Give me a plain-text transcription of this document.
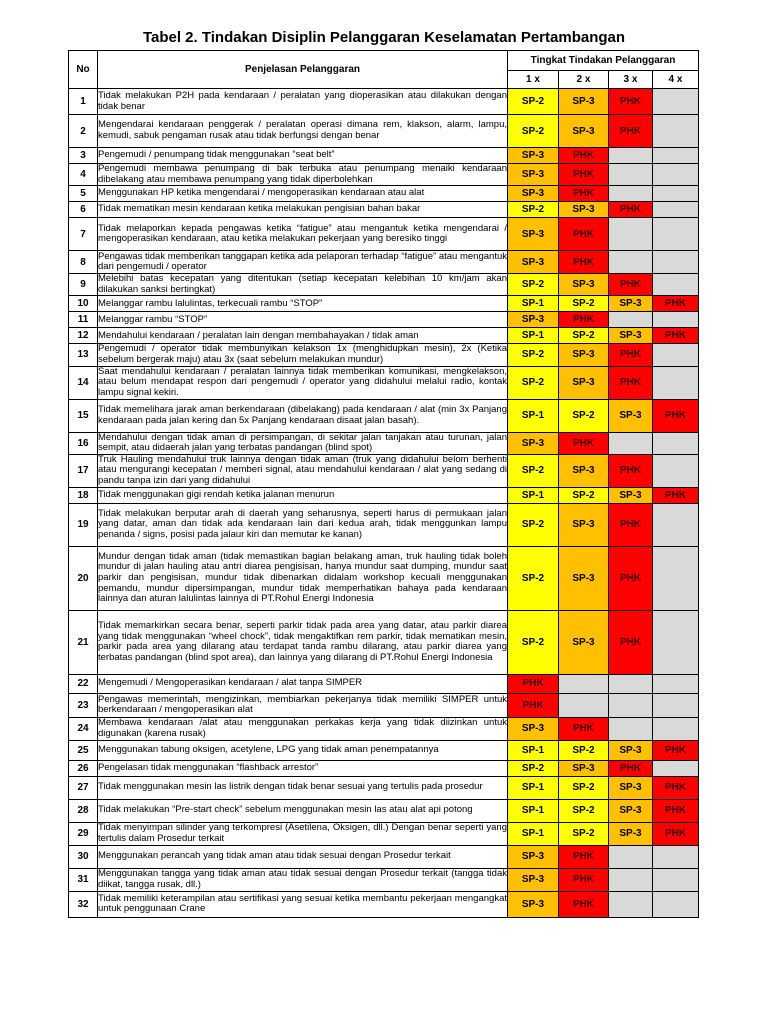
Tabel 2. Tindakan Disiplin Pelanggaran Keselamatan Pertambangan
No	Penjelasan Pelanggaran	Tingkat Tindakan Pelanggaran			
		1 x	2 x	3 x	4 x
1	Tidak melakukan P2H pada kendaraan / peralatan yang dioperasikan atau dilakukan dengan tidak benar	SP-2	SP-3	PHK	
2	Mengendarai kendaraan penggerak / peralatan operasi dimana rem, klakson, alarm, lampu, kemudi, sabuk pengaman rusak atau tidak berfungsi dengan benar	SP-2	SP-3	PHK	
3	Pengemudi / penumpang tidak menggunakan “seat belt”	SP-3	PHK		
4	Pengemudi membawa penumpang di bak terbuka atau penumpang menaiki kendaraan dibelakang atau membawa penumpang yang tidak diperbolehkan	SP-3	PHK		
5	Menggunakan HP ketika mengendarai / mengoperasikan kendaraan atau alat	SP-3	PHK		
6	Tidak mematikan mesin kendaraan ketika melakukan pengisian bahan bakar	SP-2	SP-3	PHK	
7	Tidak melaporkan kepada pengawas ketika “fatigue” atau mengantuk ketika mengendarai / mengoperasikan kendaraan, atau ketika melakukan pekerjaan yang beresiko tinggi	SP-3	PHK		
8	Pengawas tidak memberikan tanggapan ketika ada pelaporan terhadap “fatigue” atau mengantuk dari pengemudi / operator	SP-3	PHK		
9	Melebihi batas kecepatan yang ditentukan (setiap kecepatan kelebihan 10 km/jam akan dilakukan sanksi bertingkat)	SP-2	SP-3	PHK	
10	Melanggar rambu lalulintas, terkecuali rambu “STOP”	SP-1	SP-2	SP-3	PHK
11	Melanggar rambu “STOP”	SP-3	PHK		
12	Mendahului kendaraan / peralatan lain dengan membahayakan / tidak aman	SP-1	SP-2	SP-3	PHK
13	Pengemudi / operator tidak membunyikan kelakson 1x (menghidupkan mesin), 2x (Ketika sebelum bergerak maju) atau 3x (saat sebelum melakukan mundur)	SP-2	SP-3	PHK	
14	Saat mendahului kendaraan / peralatan lainnya tidak memberikan komunikasi, mengkelakson, atau belum mendapat respon dari pengemudi / operator yang didahului melalui radio, kontak lampu signal kekiri.	SP-2	SP-3	PHK	
15	Tidak memelihara jarak aman berkendaraan (dibelakang) pada kendaraan / alat (min 3x Panjang kendaraan pada jalan kering dan 5x Panjang kendaraan disaat jalan basah).	SP-1	SP-2	SP-3	PHK
16	Mendahului dengan tidak aman di persimpangan, di sekitar jalan tanjakan atau turunan, jalan sempit, atau didaerah jalan yang terbatas pandangan (blind spot)	SP-3	PHK		
17	Truk Hauling mendahului truk lainnya dengan tidak aman (truk yang didahului belom berhenti atau mengurangi kecepatan / memberi signal, atau mendahului kendaraan / alat yang sedang di pandu tanpa izin dari yang didahului	SP-2	SP-3	PHK	
18	Tidak menggunakan gigi rendah ketika jalanan menurun	SP-1	SP-2	SP-3	PHK
19	Tidak melakukan berputar arah di daerah yang seharusnya, seperti harus di permukaan jalan yang datar, aman dan tidak ada kendaraan lain dari kedua arah, tidak menggunkan lampu penanda / signs, posisi pada jalaur kiri dan memutar ke kanan)	SP-2	SP-3	PHK	
20	Mundur dengan tidak aman (tidak memastikan bagian belakang aman, truk hauling tidak boleh mundur di jalan hauling atau antri diarea pengisisan, hanya mundur saat dumping, mundur saat parkir dan pengisisan, mundur tidak dibenarkan didalam workshop kecuali menggunakan pemandu, mundur dipersimpangan, mundur tidak memperhatikan bahaya pada kendaraan lainnya dan aturan lalulintas lainnya di PT.Rohul Energi Indonesia	SP-2	SP-3	PHK	
21	Tidak memarkirkan secara benar, seperti parkir tidak pada area yang datar, atau parkir diarea yang tidak menggunakan “wheel chock”, tidak mengaktifkan rem parkir, tidak mematikan mesin, parkir pada area yang dilarang atau terdapat tanda rambu dilarang, atau parkir diarea yang terbatas pandangan (blind spot area), dan lainnya yang dilarang di PT.Rohul Energi Indonesia	SP-2	SP-3	PHK	
22	Mengemudi / Mengoperasikan kendaraan / alat tanpa SIMPER	PHK			
23	Pengawas memerintah, mengizinkan, membiarkan pekerjanya tidak memiliki SIMPER untuk berkendaraan / mengoperasikan alat	PHK			
24	Membawa kendaraan /alat atau menggunakan perkakas kerja yang tidak diizinkan untuk digunakan (karena rusak)	SP-3	PHK		
25	Menggunakan tabung oksigen, acetylene, LPG yang tidak aman penempatannya	SP-1	SP-2	SP-3	PHK
26	Pengelasan tidak menggunakan “flashback arrestor”	SP-2	SP-3	PHK	
27	Tidak menggunakan mesin las listrik dengan tidak benar sesuai yang tertulis pada prosedur	SP-1	SP-2	SP-3	PHK
28	Tidak melakukan “Pre-start check” sebelum menggunakan mesin las atau alat api potong	SP-1	SP-2	SP-3	PHK
29	Tidak menyimpan silinder yang terkompresi (Asetilena, Oksigen, dll.) Dengan benar seperti yang tertulis dalam Prosedur terkait	SP-1	SP-2	SP-3	PHK
30	Menggunakan perancah yang tidak aman atau tidak sesuai dengan Prosedur terkait	SP-3	PHK		
31	Menggunakan tangga yang tidak aman atau tidak sesuai dengan Prosedur terkait (tangga tidak diikat, tangga rusak, dll.)	SP-3	PHK		
32	Tidak memiliki keterampilan atau sertifikasi yang sesuai ketika membantu pekerjaan mengangkat untuk penggunaan Crane	SP-3	PHK		
